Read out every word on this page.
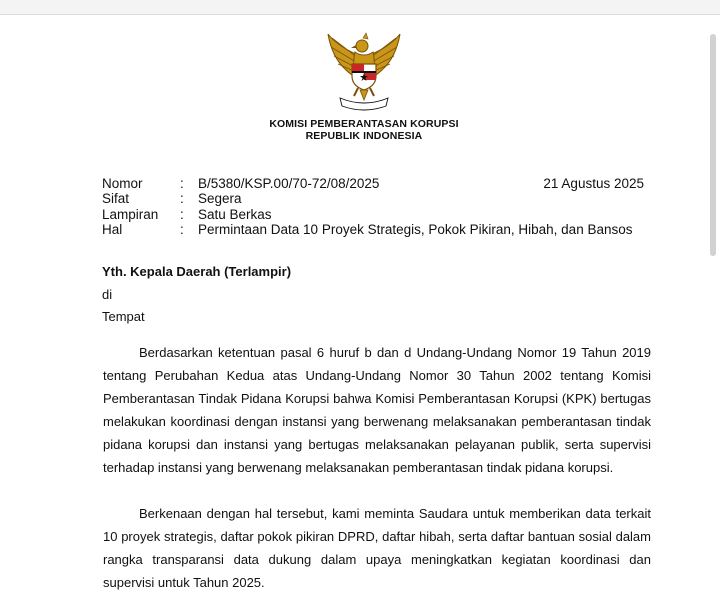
KOMISI PEMBERANTASAN KORUPSI
REPUBLIK INDONESIA
21 Agustus 2025
Nomor	:	B/5380/KSP.00/70-72/08/2025
Sifat	:	Segera
Lampiran	:	Satu Berkas
Hal	:	Permintaan Data 10 Proyek Strategis, Pokok Pikiran, Hibah, dan Bansos
Yth. Kepala Daerah (Terlampir)
di
Tempat
Berdasarkan ketentuan pasal 6 huruf b dan d Undang-Undang Nomor 19 Tahun 2019 tentang Perubahan Kedua atas Undang-Undang Nomor 30 Tahun 2002 tentang Komisi Pemberantasan Tindak Pidana Korupsi bahwa Komisi Pemberantasan Korupsi (KPK) bertugas melakukan koordinasi dengan instansi yang berwenang melaksanakan pemberantasan tindak pidana korupsi dan instansi yang bertugas melaksanakan pelayanan publik, serta supervisi terhadap instansi yang berwenang melaksanakan pemberantasan tindak pidana korupsi.
Berkenaan dengan hal tersebut, kami meminta Saudara untuk memberikan data terkait 10 proyek strategis, daftar pokok pikiran DPRD, daftar hibah, serta daftar bantuan sosial dalam rangka transparansi data dukung dalam upaya meningkatkan kegiatan koordinasi dan supervisi untuk Tahun 2025.
